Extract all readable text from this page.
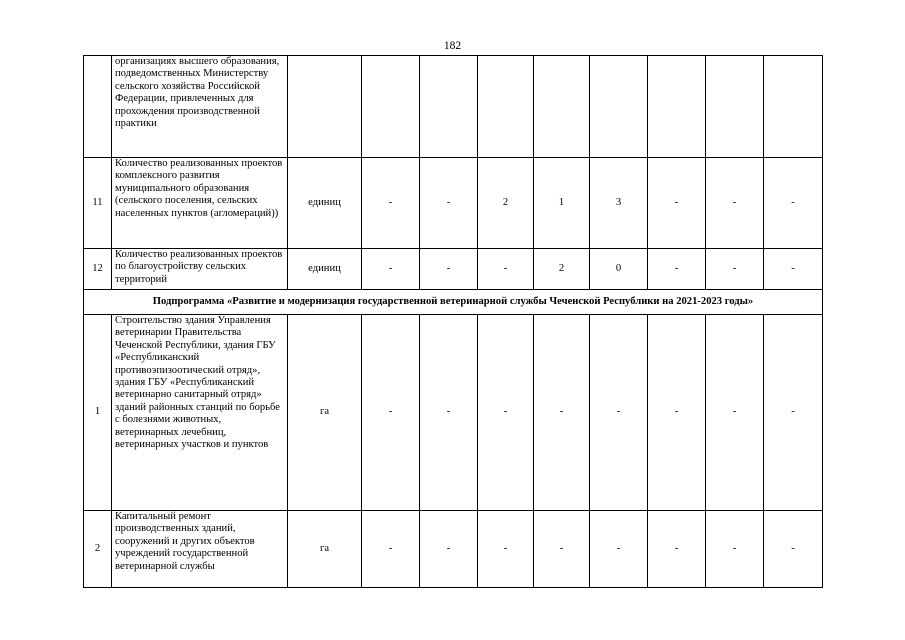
182
	организациях высшего образования, подведомственных Министерству сельского хозяйства Российской Федерации, привлеченных для прохождения производственной практики									
11	Количество реализованных проектов комплексного развития муниципального образования (сельского поселения, сельских населенных пунктов (агломераций))	единиц	-	-	2	1	3	-	-	-
12	Количество реализованных проектов по благоустройству сельских территорий	единиц	-	-	-	2	0	-	-	-
Подпрограмма «Развитие и модернизация государственной ветеринарной службы Чеченской Республики на 2021-2023 годы»										
1	Строительство здания Управления ветеринарии Правительства Чеченской Республики, здания ГБУ «Республиканский противоэпизоотический отряд», здания ГБУ «Республиканский ветеринарно санитарный отряд» зданий районных станций по борьбе с болезнями животных, ветеринарных лечебниц, ветеринарных участков и пунктов	га	-	-	-	-	-	-	-	-
2	Капитальный ремонт производственных зданий, сооружений и других объектов учреждений государственной ветеринарной службы	га	-	-	-	-	-	-	-	-
